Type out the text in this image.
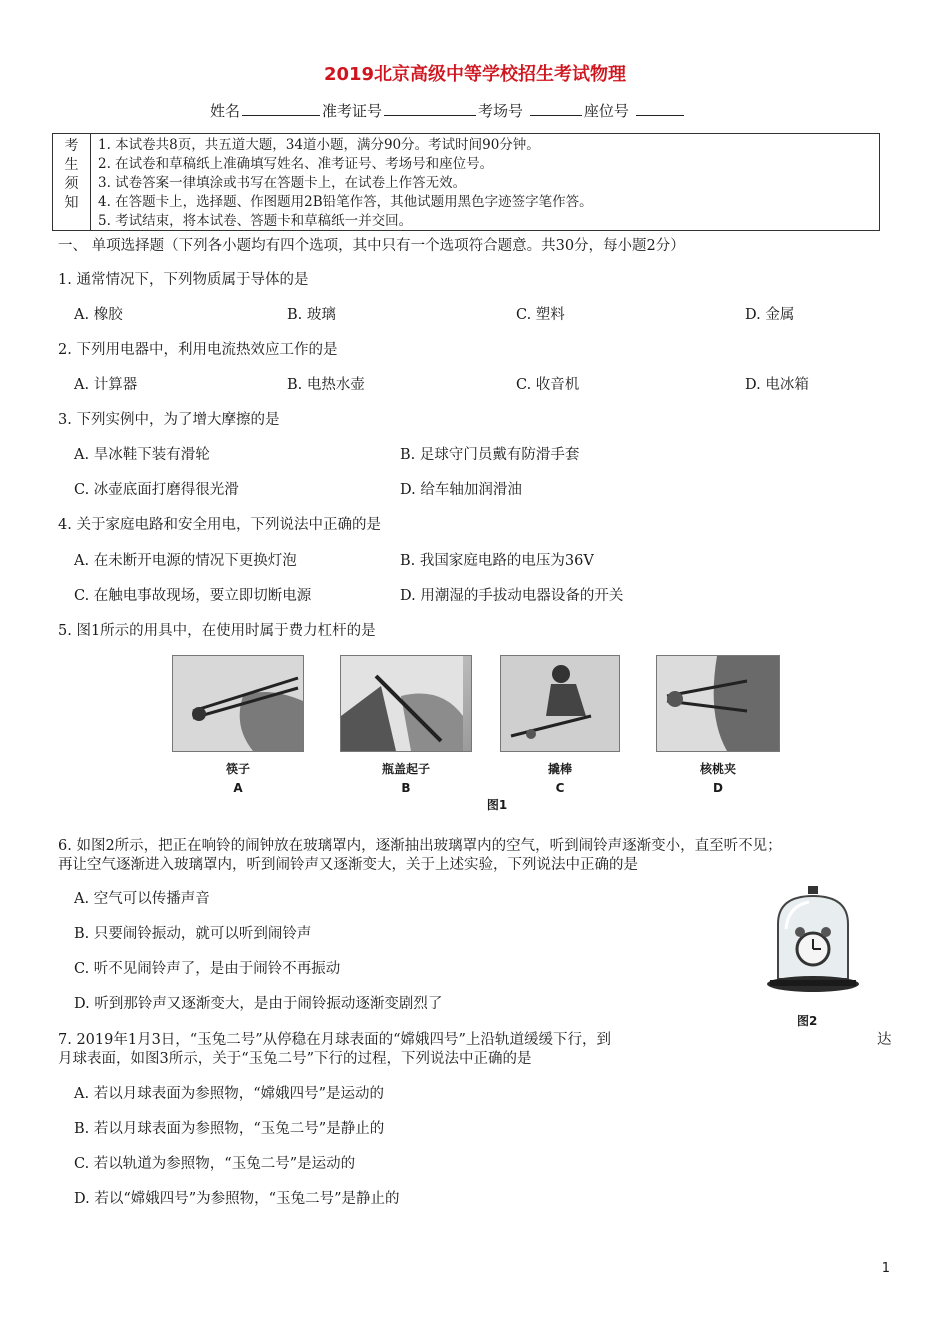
2019北京高级中等学校招生考试物理
姓名	准考证号	考场号	座位号
考
生
须
知
1. 本试卷共8页，共五道大题，34道小题，满分90分。考试时间90分钟。
2. 在试卷和草稿纸上准确填写姓名、准考证号、考场号和座位号。
3. 试卷答案一律填涂或书写在答题卡上，在试卷上作答无效。
4. 在答题卡上，选择题、作图题用2B铅笔作答，其他试题用黑色字迹签字笔作答。
5. 考试结束，将本试卷、答题卡和草稿纸一并交回。
一、 单项选择题（下列各小题均有四个选项，其中只有一个选项符合题意。共30分，每小题2分）
1. 通常情况下，下列物质属于导体的是
A. 橡胶	B. 玻璃	C. 塑料	D. 金属
2. 下列用电器中，利用电流热效应工作的是
A. 计算器	B. 电热水壶	C. 收音机	D. 电冰箱
3. 下列实例中，为了增大摩擦的是
A. 旱冰鞋下装有滑轮	B. 足球守门员戴有防滑手套
C. 冰壶底面打磨得很光滑	D. 给车轴加润滑油
4. 关于家庭电路和安全用电，下列说法中正确的是
A. 在未断开电源的情况下更换灯泡	B. 我国家庭电路的电压为36V
C. 在触电事故现场，要立即切断电源	D. 用潮湿的手拔动电器设备的开关
5. 图1所示的用具中，在使用时属于费力杠杆的是
筷子	瓶盖起子	撬棒	核桃夹
A	B	C	D
图1
6. 如图2所示，把正在响铃的闹钟放在玻璃罩内，逐渐抽出玻璃罩内的空气，听到闹铃声逐渐变小，直至听不见；
再让空气逐渐进入玻璃罩内，听到闹铃声又逐渐变大，关于上述实验，下列说法中正确的是
A. 空气可以传播声音
B. 只要闹铃振动，就可以听到闹铃声
C. 听不见闹铃声了，是由于闹铃不再振动
D. 听到那铃声又逐渐变大，是由于闹铃振动逐渐变剧烈了
图2
7. 2019年1月3日，“玉兔二号”从停稳在月球表面的“嫦娥四号”上沿轨道缓缓下行，到	达
月球表面，如图3所示，关于“玉兔二号”下行的过程，下列说法中正确的是
A. 若以月球表面为参照物，“嫦娥四号”是运动的
B. 若以月球表面为参照物，“玉兔二号”是静止的
C. 若以轨道为参照物，“玉兔二号”是运动的
D. 若以“嫦娥四号”为参照物，“玉兔二号”是静止的
1
